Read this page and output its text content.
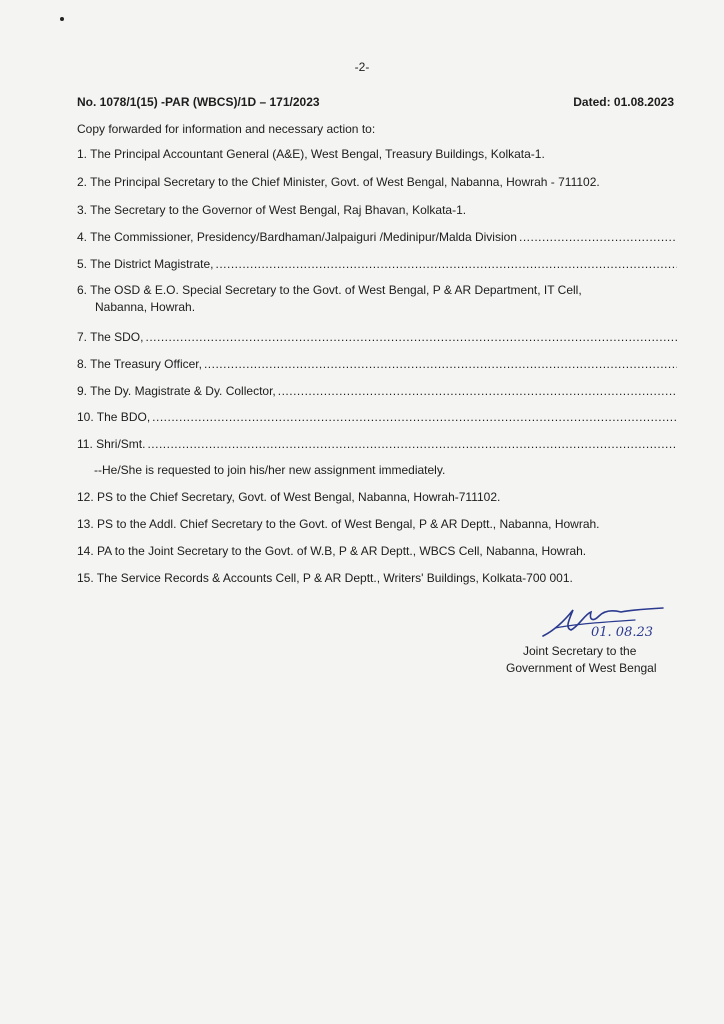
-2-
No. 1078/1(15) -PAR (WBCS)/1D – 171/2023	Dated: 01.08.2023
Copy forwarded for information and necessary action to:
1. The Principal Accountant General (A&E), West Bengal, Treasury Buildings, Kolkata-1.
2. The Principal Secretary to the Chief Minister, Govt. of West Bengal, Nabanna, Howrah - 711102.
3. The Secretary to the Governor of West Bengal, Raj Bhavan, Kolkata-1.
4. The Commissioner, Presidency/Bardhaman/Jalpaiguri /Medinipur/Malda Division
.....
5. The District Magistrate,
.....
6. The OSD & E.O. Special Secretary to the Govt. of West Bengal, P & AR Department, IT Cell,
Nabanna, Howrah.
7. The SDO,
.....
8. The Treasury Officer,
.....
9. The Dy. Magistrate & Dy. Collector,
.....
10. The BDO,
.....
11. Shri/Smt.
.....
--He/She is requested to join his/her new assignment immediately.
12. PS to the Chief Secretary, Govt. of West Bengal, Nabanna, Howrah-711102.
13. PS to the Addl. Chief Secretary to the Govt. of West Bengal, P & AR Deptt., Nabanna, Howrah.
14. PA to the Joint Secretary to the Govt. of W.B, P & AR Deptt., WBCS Cell, Nabanna, Howrah.
15. The Service Records & Accounts Cell, P & AR Deptt., Writers' Buildings, Kolkata-700 001.
01. 08.23
Joint Secretary to the
Government of West Bengal
